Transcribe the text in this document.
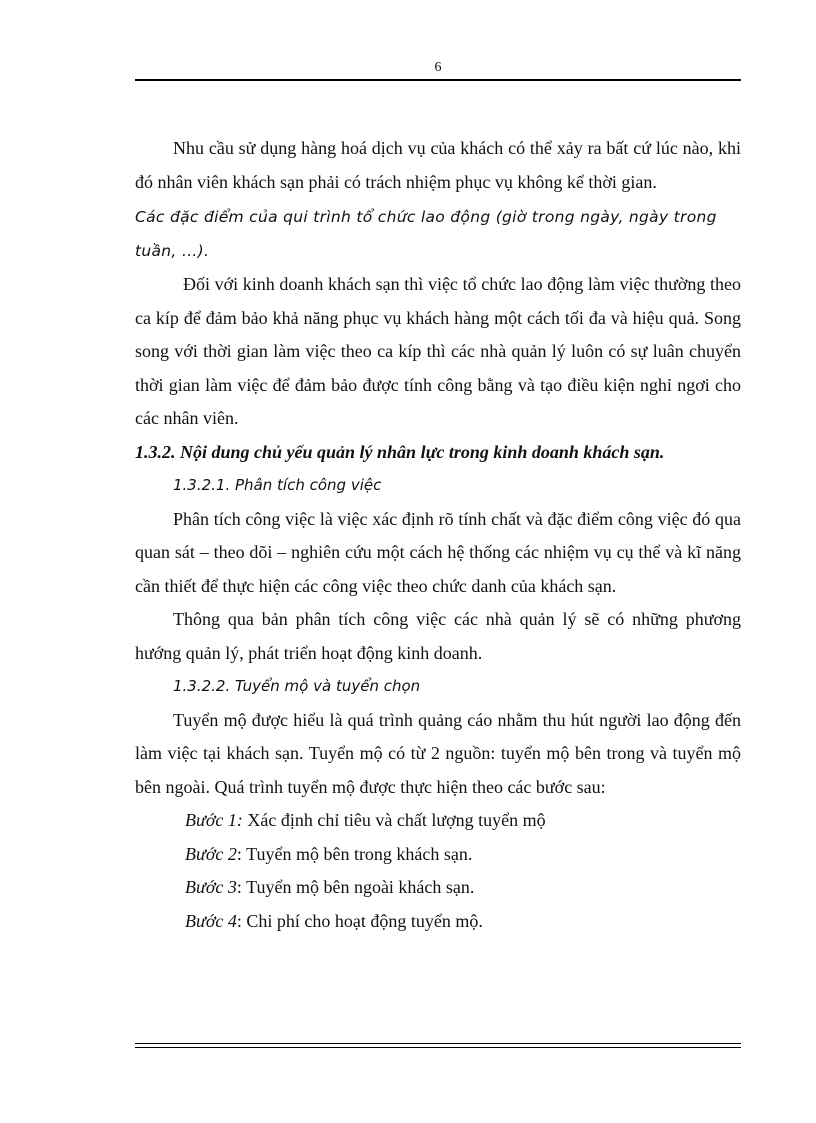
6

Nhu cầu sử dụng hàng hoá dịch vụ của khách có thể xảy ra bất cứ lúc nào, khi đó nhân viên khách sạn phải có trách nhiệm phục vụ không kể thời gian.

Các đặc điểm của qui trình tổ chức lao động (giờ trong ngày, ngày trong tuần, …).

Đối với kinh doanh khách sạn thì việc tổ chức lao động làm việc thường theo ca kíp để đảm bảo khả năng phục vụ khách hàng một cách tối đa và hiệu quả. Song song với thời gian làm việc theo ca kíp thì các nhà quản lý luôn có sự luân chuyển thời gian làm việc để đảm bảo được tính công bằng và tạo điều kiện nghỉ ngơi cho các nhân viên.

1.3.2. Nội dung chủ yếu quản lý nhân lực trong kinh doanh khách sạn.

1.3.2.1. Phân tích công việc

Phân tích công việc là việc xác định rõ tính chất và đặc điểm công việc đó qua quan sát – theo dõi – nghiên cứu một cách hệ thống các nhiệm vụ cụ thể và kĩ năng cần thiết để thực hiện các công việc theo chức danh của khách sạn.

Thông qua bản phân tích công việc các nhà quản lý sẽ có những phương hướng quản lý, phát triển hoạt động kinh doanh.

1.3.2.2. Tuyển mộ và tuyển chọn

Tuyển mộ được hiểu là quá trình quảng cáo nhằm thu hút người lao động đến làm việc tại khách sạn. Tuyển mộ có từ 2 nguồn: tuyển mộ bên trong và tuyển mộ bên ngoài. Quá trình tuyển mộ được thực hiện theo các bước sau:

Bước 1: Xác định chỉ tiêu và chất lượng tuyển mộ

Bước 2: Tuyển mộ bên trong khách sạn.

Bước 3: Tuyển mộ bên ngoài khách sạn.

Bước 4: Chi phí cho hoạt động tuyển mộ.
